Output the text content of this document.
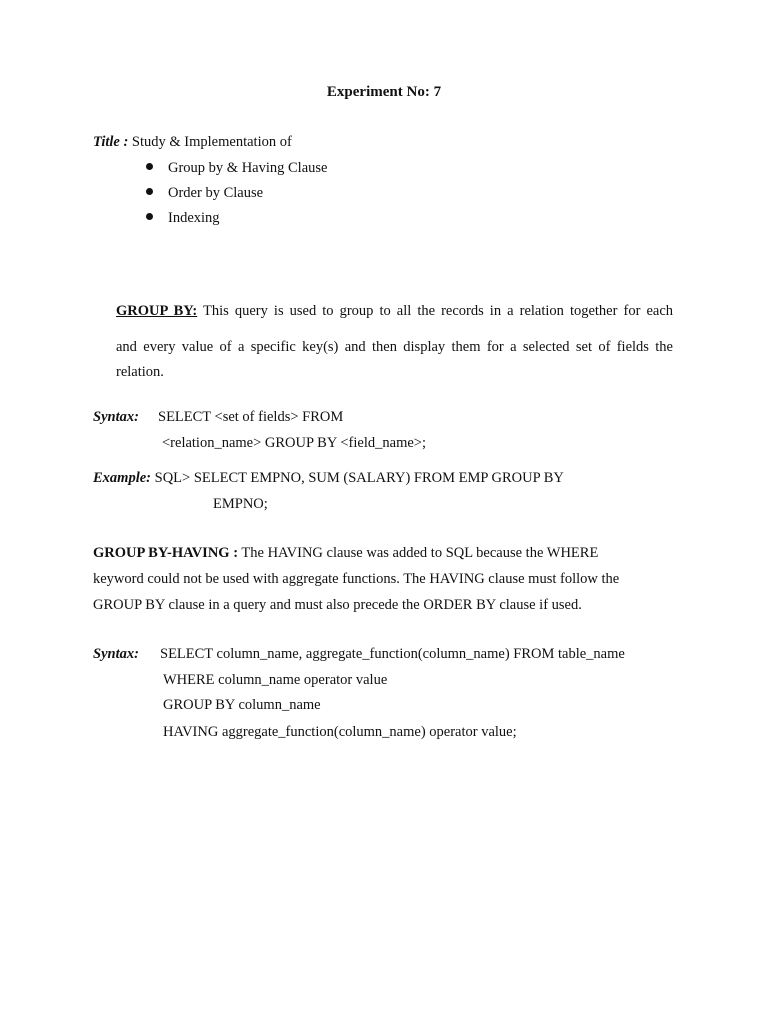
Experiment No: 7
Title : Study & Implementation of
Group by & Having Clause
Order by Clause
Indexing
GROUP BY: This query is used to group to all the records in a relation together for each
and every value of a specific key(s) and then display them for a selected set of fields the
relation.
Syntax: SELECT <set of fields> FROM
<relation_name> GROUP BY <field_name>;
Example: SQL> SELECT EMPNO, SUM (SALARY) FROM EMP GROUP BY
EMPNO;
GROUP BY-HAVING : The HAVING clause was added to SQL because the WHERE
keyword could not be used with aggregate functions. The HAVING clause must follow the
GROUP BY clause in a query and must also precede the ORDER BY clause if used.
Syntax: SELECT column_name, aggregate_function(column_name) FROM table_name
WHERE column_name operator value
GROUP BY column_name
HAVING aggregate_function(column_name) operator value;
